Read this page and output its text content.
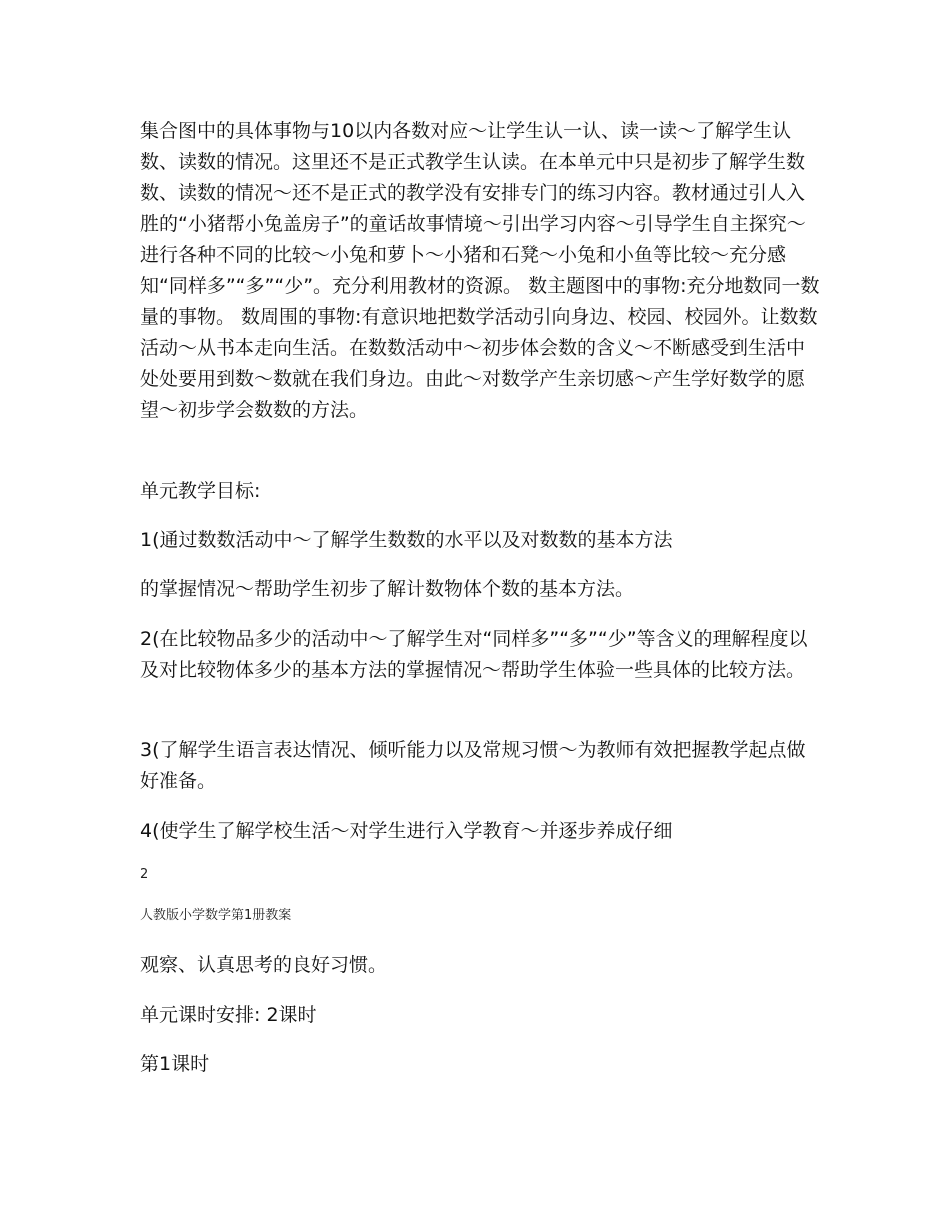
集合图中的具体事物与10以内各数对应～让学生认一认、读一读～了解学生认数、读数的情况。这里还不是正式教学生认读。在本单元中只是初步了解学生数数、读数的情况～还不是正式的教学没有安排专门的练习内容。教材通过引人入胜的“小猪帮小兔盖房子”的童话故事情境～引出学习内容～引导学生自主探究～进行各种不同的比较～小兔和萝卜～小猪和石凳～小兔和小鱼等比较～充分感知“同样多”“多”“少”。充分利用教材的资源。 数主题图中的事物:充分地数同一数量的事物。 数周围的事物:有意识地把数学活动引向身边、校园、校园外。让数数活动～从书本走向生活。在数数活动中～初步体会数的含义～不断感受到生活中处处要用到数～数就在我们身边。由此～对数学产生亲切感～产生学好数学的愿望～初步学会数数的方法。

单元教学目标:

1(通过数数活动中～了解学生数数的水平以及对数数的基本方法

的掌握情况～帮助学生初步了解计数物体个数的基本方法。

2(在比较物品多少的活动中～了解学生对“同样多”“多”“少”等含义的理解程度以及对比较物体多少的基本方法的掌握情况～帮助学生体验一些具体的比较方法。

3(了解学生语言表达情况、倾听能力以及常规习惯～为教师有效把握教学起点做好准备。

4(使学生了解学校生活～对学生进行入学教育～并逐步养成仔细

2

人教版小学数学第1册教案

观察、认真思考的良好习惯。

单元课时安排: 2课时

第1课时
